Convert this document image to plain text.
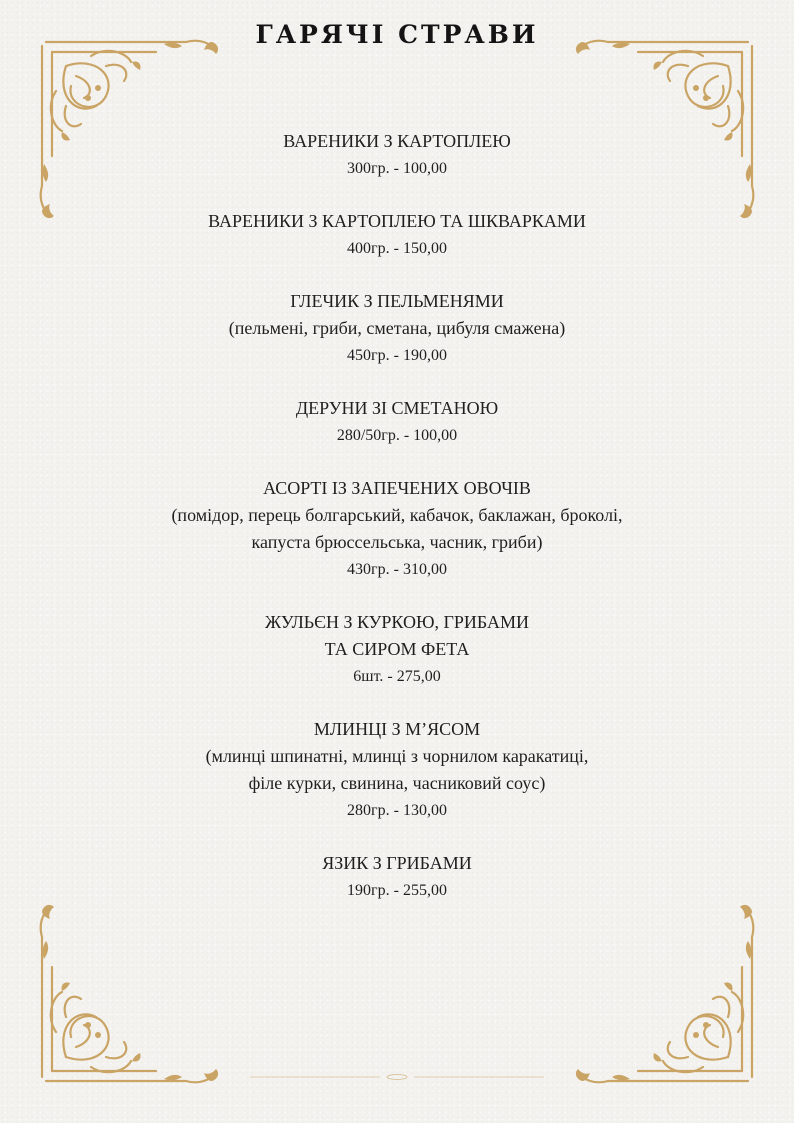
ГАРЯЧІ СТРАВИ
ВАРЕНИКИ З КАРТОПЛЕЮ
300гр. - 100,00
ВАРЕНИКИ З КАРТОПЛЕЮ ТА ШКВАРКАМИ
400гр. - 150,00
ГЛЕЧИК З ПЕЛЬМЕНЯМИ
(пельмені, гриби, сметана, цибуля смажена)
450гр. - 190,00
ДЕРУНИ ЗІ СМЕТАНОЮ
280/50гр. - 100,00
АСОРТІ ІЗ ЗАПЕЧЕНИХ ОВОЧІВ
(помідор, перець болгарський, кабачок, баклажан, броколі,
капуста брюссельська, часник, гриби)
430гр. - 310,00
ЖУЛЬЄН З КУРКОЮ, ГРИБАМИ
ТА СИРОМ ФЕТА
6шт. - 275,00
МЛИНЦІ З М’ЯСОМ
(млинці шпинатні, млинці з чорнилом каракатиці,
філе курки, свинина, часниковий соус)
280гр. - 130,00
ЯЗИК З ГРИБАМИ
190гр. - 255,00
